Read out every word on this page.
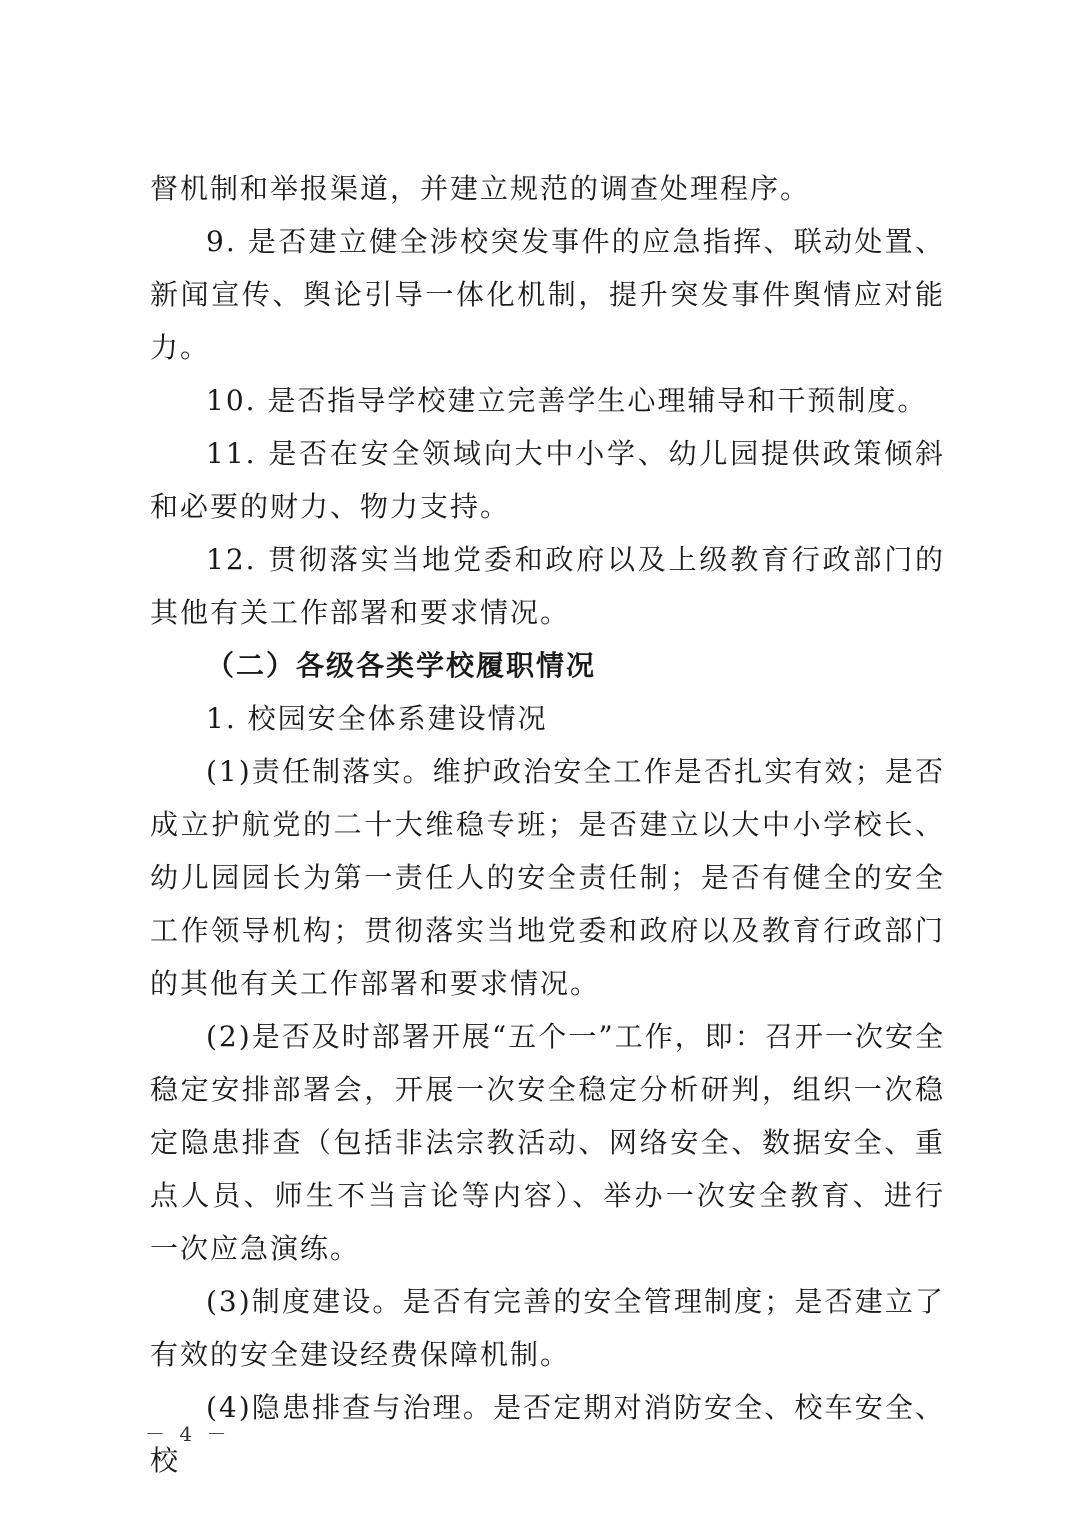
督机制和举报渠道，并建立规范的调查处理程序。

9. 是否建立健全涉校突发事件的应急指挥、联动处置、新闻宣传、舆论引导一体化机制，提升突发事件舆情应对能力。

10. 是否指导学校建立完善学生心理辅导和干预制度。

11. 是否在安全领域向大中小学、幼儿园提供政策倾斜和必要的财力、物力支持。

12. 贯彻落实当地党委和政府以及上级教育行政部门的其他有关工作部署和要求情况。

（二）各级各类学校履职情况

1. 校园安全体系建设情况

(1)责任制落实。维护政治安全工作是否扎实有效；是否成立护航党的二十大维稳专班；是否建立以大中小学校长、幼儿园园长为第一责任人的安全责任制；是否有健全的安全工作领导机构；贯彻落实当地党委和政府以及教育行政部门的其他有关工作部署和要求情况。

(2)是否及时部署开展“五个一”工作，即：召开一次安全稳定安排部署会，开展一次安全稳定分析研判，组织一次稳定隐患排查（包括非法宗教活动、网络安全、数据安全、重点人员、师生不当言论等内容）、举办一次安全教育、进行一次应急演练。

(3)制度建设。是否有完善的安全管理制度；是否建立了有效的安全建设经费保障机制。

(4)隐患排查与治理。是否定期对消防安全、校车安全、校

－ 4 －
